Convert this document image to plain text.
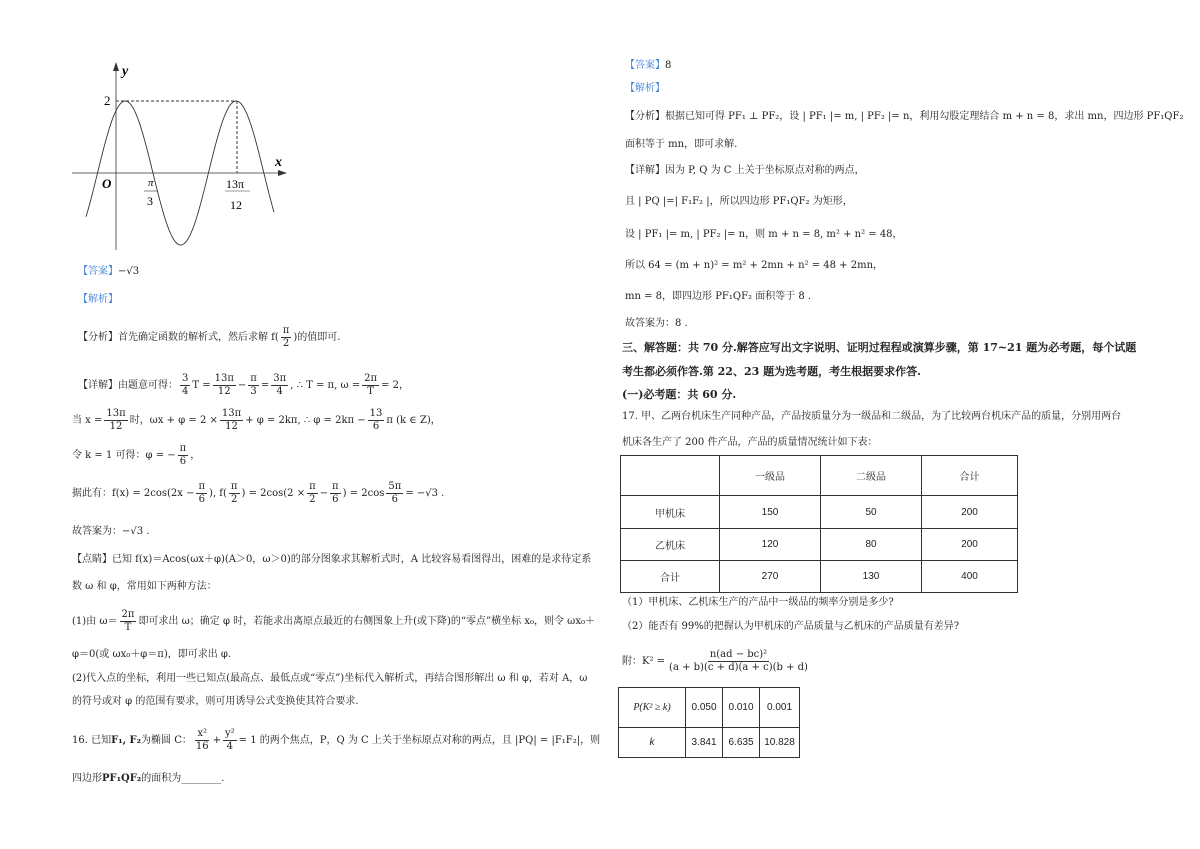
y
x
O
2
π
3
13π
12
【答案】 −√3
【解析】
【分析】首先确定函数的解析式，然后求解 $f( \frac{\pi}{2}$ )的值即可.
【详解】由题意可得： $\frac{3}{4}$ $T = \frac{13\pi}{12} - \frac{\pi}{3} = \frac{3\pi}{4}$ , ∴ T = π, $\omega = \frac{2\pi}{T} = 2$，
当 $x = \frac{13\pi}{12}$ 时，$\omega x + \varphi = 2 \times \frac{13\pi}{12} + \varphi = 2k\pi$, ∴ $\varphi = 2k\pi - \frac{13}{6}$ π (k ∈ Z)，
令 k = 1 可得：φ = − $\frac{\pi}{6}$ ，
据此有：$f(x) = 2\cos(2x - \frac{\pi}{6}$ ), $f( \frac{\pi}{2}$ ) = $2\cos(2 \times \frac{\pi}{2} - \frac{\pi}{6}$ ) = $2\cos \frac{5\pi}{6} = -√3$ .
故答案为：−√3 .
【点睛】已知 f(x)＝Acos(ωx＋φ)(A＞0，ω＞0)的部分图象求其解析式时，A 比较容易看图得出，困难的是求待定系
数 ω 和 φ，常用如下两种方法：
(1)由 $\omega= \frac{2\pi}{T}$ 即可求出 ω；确定 φ 时，若能求出离原点最近的右侧图象上升(或下降)的“零点”横坐标 x₀，则令 ωx₀＋
φ＝0(或 ωx₀＋φ＝π)，即可求出 φ.
(2)代入点的坐标，利用一些已知点(最高点、最低点或“零点”)坐标代入解析式，再结合图形解出 ω 和 φ，若对 A，ω
的符号或对 φ 的范围有要求，则可用诱导公式变换使其符合要求.
16. 已知 F₁, F₂ 为椭圆 C： $\frac{\text{x²}}{16} + \frac{\text{y²}}{4} = 1$ 的两个焦点，P，Q 为 C 上关于坐标原点对称的两点，且 |PQ| = |F₁F₂|，则
四边形 PF₁QF₂ 的面积为________.
【答案】 8
【解析】
【分析】根据已知可得 PF₁ ⊥ PF₂，设 | PF₁ |= m, | PF₂ |= n，利用勾股定理结合 m + n = 8，求出 mn，四边形 PF₁QF₂
面积等于 mn，即可求解.
【详解】因为 P, Q 为 C 上关于坐标原点对称的两点，
且 | PQ |=| F₁F₂ |，所以四边形 PF₁QF₂ 为矩形，
设 | PF₁ |= m, | PF₂ |= n，则 m + n = 8, m² + n² = 48，
所以 64 = (m + n)² = m² + 2mn + n² = 48 + 2mn，
mn = 8，即四边形 PF₁QF₂ 面积等于 8 .
故答案为：8 .
三、解答题：共 70 分.解答应写出文字说明、证明过程程或演算步骤，第 17~21 题为必考题，每个试题
考生都必须作答.第 22、23 题为选考题，考生根据要求作答.
(一)必考题：共 60 分.
17. 甲、乙两台机床生产同种产品，产品按质量分为一级品和二级品，为了比较两台机床产品的质量，分别用两台
机床各生产了 200 件产品，产品的质量情况统计如下表：
（1）甲机床、乙机床生产的产品中一级品的频率分别是多少?
（2）能否有 99%的把握认为甲机床的产品质量与乙机床的产品质量有差异?
附：$K^2 = \frac{\text{n(ad − bc)²}}{(a + b)(c + d)(a + c)(b + d)}$
	一级品	二级品	合计
甲机床	150	50	200
乙机床	120	80	200
合计	270	130	400
P(K² ≥ k)	0.050	0.010	0.001
k	3.841	6.635	10.828
